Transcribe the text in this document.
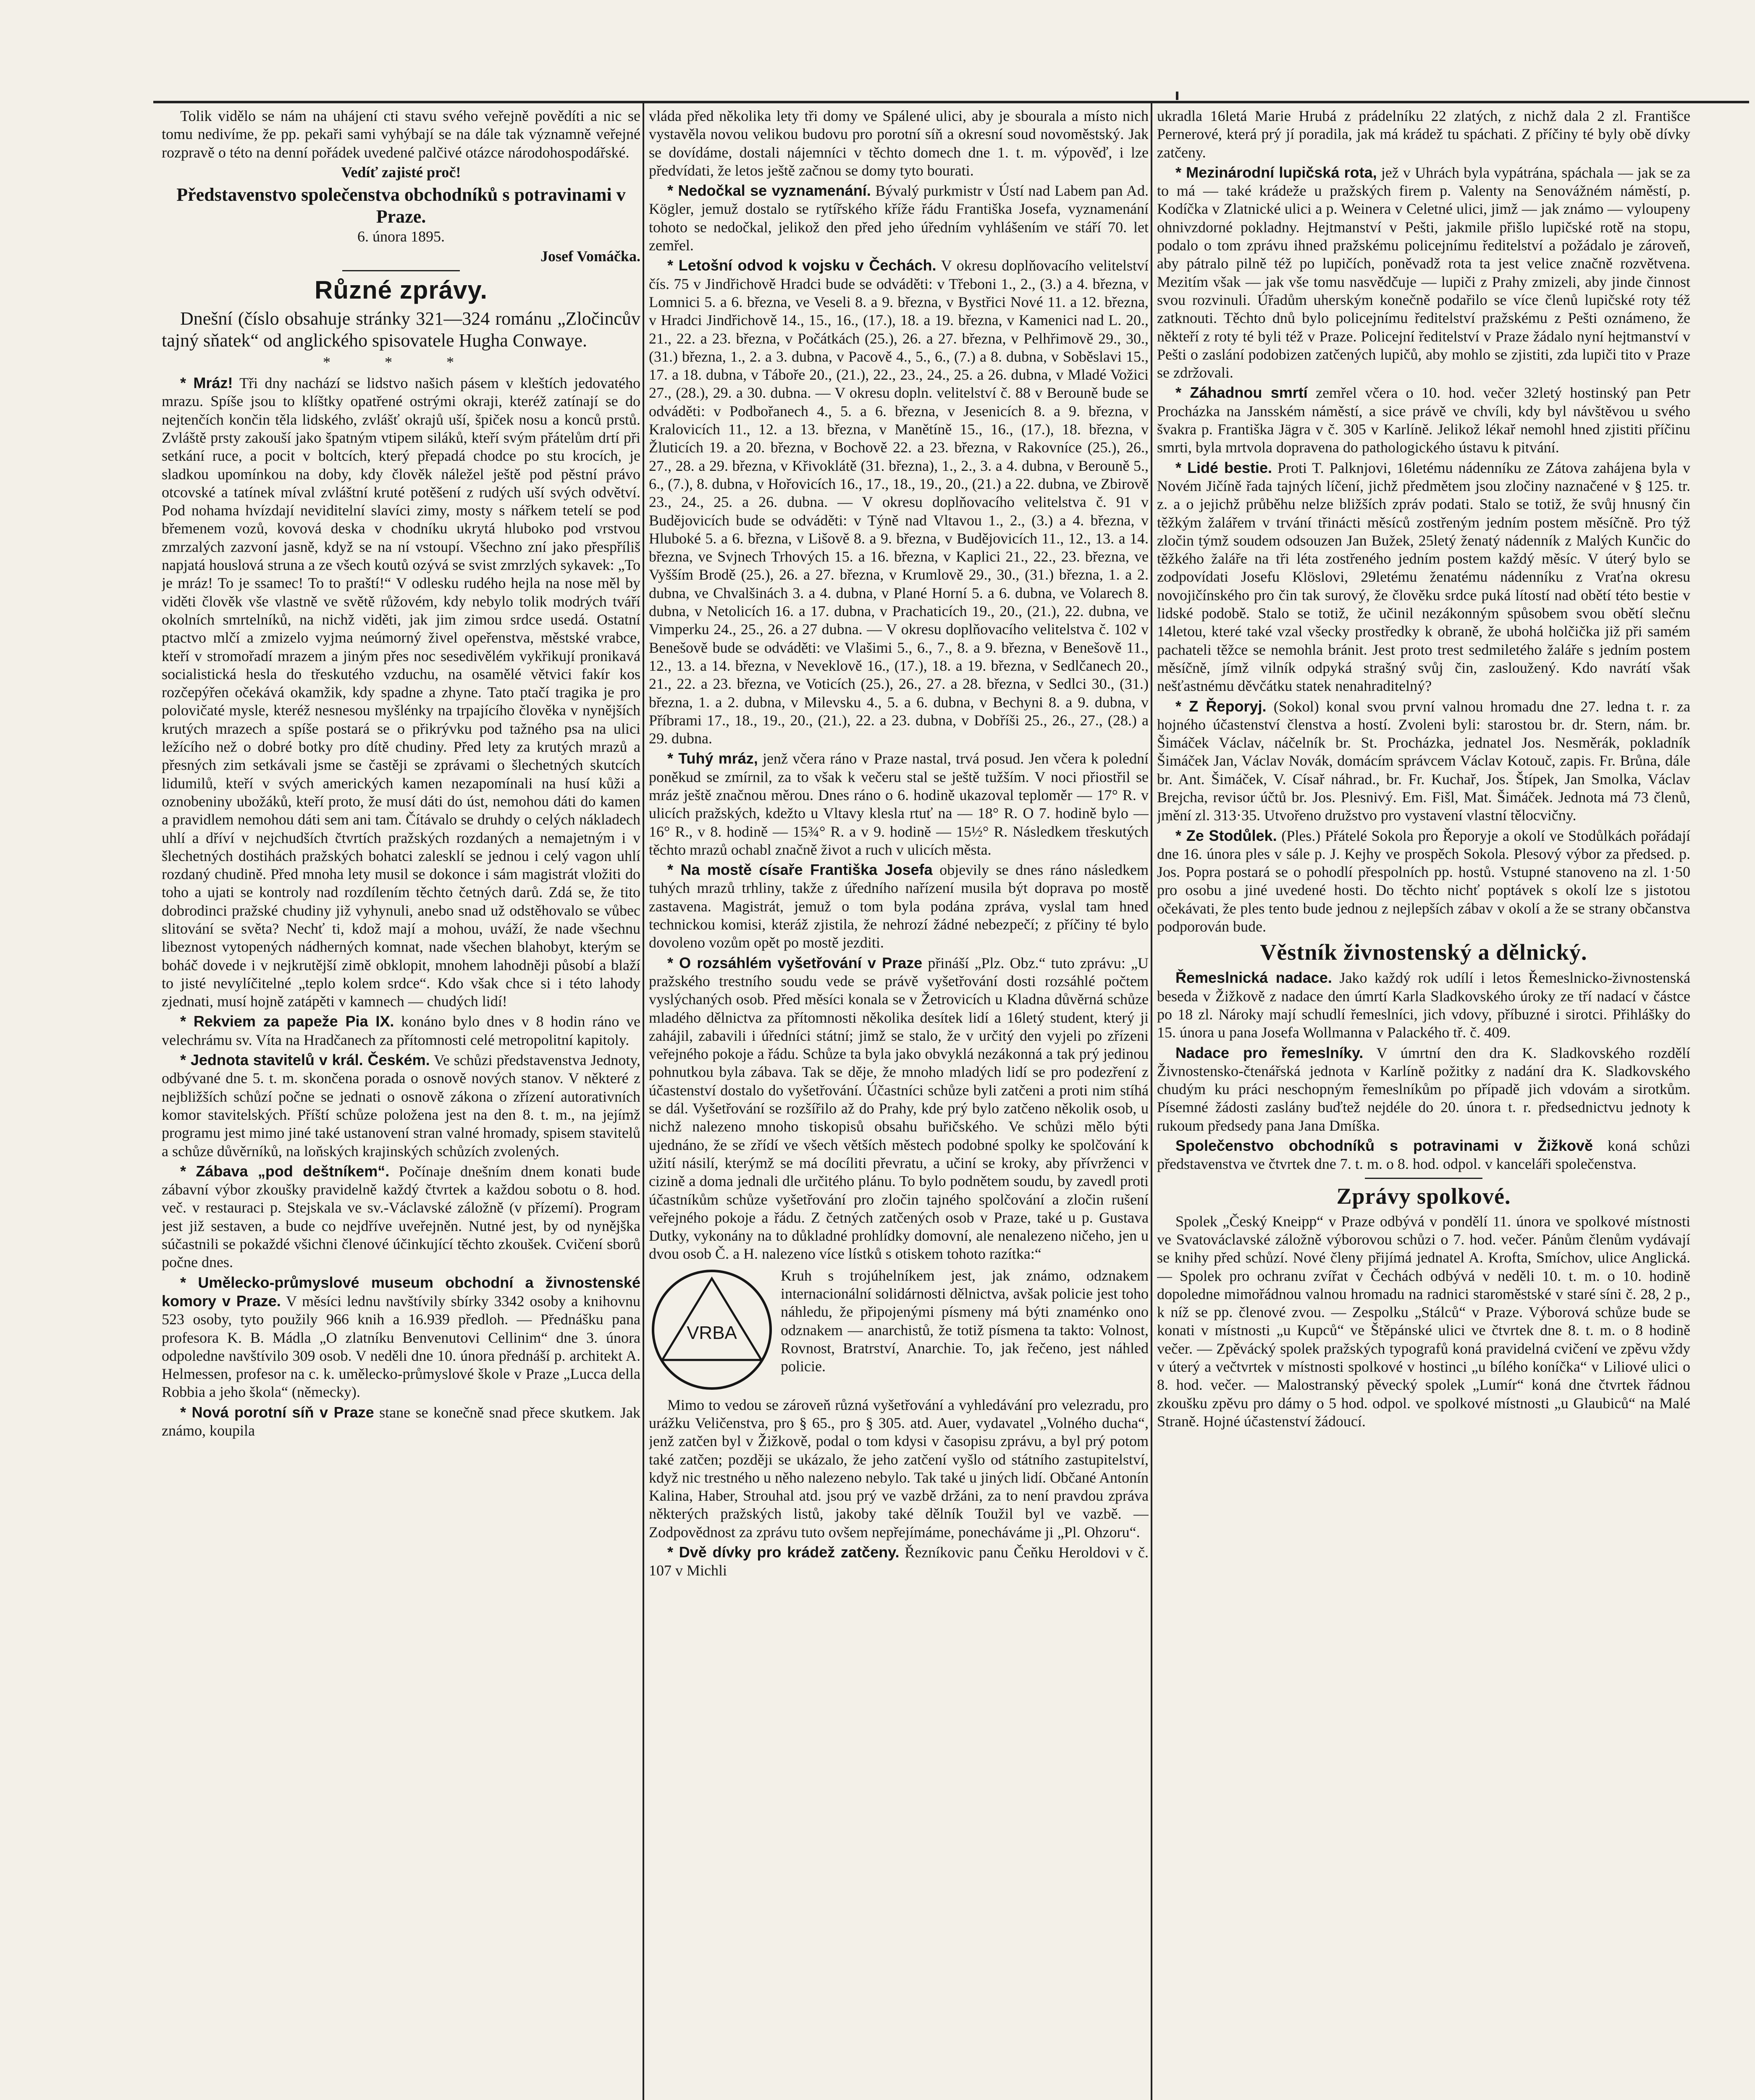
Tolik vidělo se nám na uhájení cti stavu svého veřejně povědíti a nic se tomu nedivíme, že pp. pekaři sami vyhýbají se na dále tak významně veřejné rozpravě o této na denní pořádek uvedené palčivé otázce národohospodářské.

Vedíť zajisté proč!

Představenstvo společenstva obchodníků s potravinami v Praze.

6. února 1895.

Josef Vomáčka.

Různé zprávy.

Dnešní (číslo obsahuje stránky 321—324 románu „Zločincův tajný sňatek“ od anglického spisovatele Hugha Conwaye.

* * *

* Mráz! Tři dny nachází se lidstvo našich pásem v kleštích jedovatého mrazu. Spíše jsou to klíštky opatřené ostrými okraji, kteréž zatínají se do nejtenčích končin těla lidského, zvlášť okrajů uší, špiček nosu a konců prstů. Zvláště prsty zakouší jako špatným vtipem siláků, kteří svým přátelům drtí při setkání ruce, a pocit v boltcích, který přepadá chodce po stu krocích, je sladkou upomínkou na doby, kdy člověk náležel ještě pod pěstní právo otcovské a tatínek míval zvláštní kruté potěšení z rudých uší svých odvětví. Pod nohama hvízdají neviditelní slavíci zimy, mosty s nářkem tetelí se pod břemenem vozů, kovová deska v chodníku ukrytá hluboko pod vrstvou zmrzalých zazvoní jasně, když se na ní vstoupí. Všechno zní jako přespříliš napjatá houslová struna a ze všech koutů ozývá se svist zmrzlých sykavek: „To je mráz! To je ssamec! To to praští!“ V odlesku rudého hejla na nose měl by viděti člověk vše vlastně ve světě růžovém, kdy nebylo tolik modrých tváří okolních smrtelníků, na nichž viděti, jak jim zimou srdce usedá. Ostatní ptactvo mlčí a zmizelo vyjma neúmorný živel opeřenstva, městské vrabce, kteří v stromořadí mrazem a jiným přes noc sesedivělém vykřikují pronikavá socialistická hesla do třeskutého vzduchu, na osamělé větvici fakír kos rozčepýřen očekává okamžik, kdy spadne a zhyne. Tato ptačí tragika je pro polovičaté mysle, kteréž nesnesou myšlénky na trpajícího člověka v nynějších krutých mrazech a spíše postará se o přikrývku pod tažného psa na ulici ležícího než o dobré botky pro dítě chudiny. Před lety za krutých mrazů a přesných zim setkávali jsme se častěji se zprávami o šlechetných skutcích lidumilů, kteří v svých amerických kamen nezapomínali na husí kůži a oznobeniny ubožáků, kteří proto, že musí dáti do úst, nemohou dáti do kamen a pravidlem nemohou dáti sem ani tam. Čítávalo se druhdy o celých nákladech uhlí a dříví v nejchudších čtvrtích pražských rozdaných a nemajetným i v šlechetných dostihách pražských bohatci zalesklí se jednou i celý vagon uhlí rozdaný chudině. Před mnoha lety musil se dokonce i sám magistrát vložiti do toho a ujati se kontroly nad rozdílením těchto četných darů. Zdá se, že tito dobrodinci pražské chudiny již vyhynuli, anebo snad už odstěhovalo se vůbec slitování se světa? Nechť ti, kdož mají a mohou, uváží, že nade všechnu libeznost vytopených nádherných komnat, nade všechen blahobyt, kterým se boháč dovede i v nejkrutější zimě obklopit, mnohem lahodněji působí a blaží to jisté nevylíčitelné „teplo kolem srdce“. Kdo však chce si i této lahody zjednati, musí hojně zatápěti v kamnech — chudých lidí!

* Rekviem za papeže Pia IX. konáno bylo dnes v 8 hodin ráno ve velechrámu sv. Víta na Hradčanech za přítomnosti celé metropolitní kapitoly.

* Jednota stavitelů v král. Českém. Ve schůzi představenstva Jednoty, odbývané dne 5. t. m. skončena porada o osnově nových stanov. V některé z nejbližších schůzí počne se jednati o osnově zákona o zřízení autorativních komor stavitelských. Příští schůze položena jest na den 8. t. m., na jejímž programu jest mimo jiné také ustanovení stran valné hromady, spisem stavitelů a schůze důvěrníků, na loňských krajinských schůzích zvolených.

* Zábava „pod deštníkem“. Počínaje dnešním dnem konati bude zábavní výbor zkoušky pravidelně každý čtvrtek a každou sobotu o 8. hod. več. v restauraci p. Stejskala ve sv.-Václavské záložně (v přízemí). Program jest již sestaven, a bude co nejdříve uveřejněn. Nutné jest, by od nynějška súčastnili se pokaždé všichni členové účinkující těchto zkoušek. Cvičení sborů počne dnes.

* Umělecko-průmyslové museum obchodní a živnostenské komory v Praze. V měsíci lednu navštívily sbírky 3342 osoby a knihovnu 523 osoby, tyto použily 966 knih a 16.939 předloh. — Přednášku pana profesora K. B. Mádla „O zlatníku Benvenutovi Cellinim“ dne 3. února odpoledne navštívilo 309 osob. V neděli dne 10. února přednáší p. architekt A. Helmessen, profesor na c. k. umělecko-průmyslové škole v Praze „Lucca della Robbia a jeho škola“ (německy).

* Nová porotní síň v Praze stane se konečně snad přece skutkem. Jak známo, koupila

vláda před několika lety tři domy ve Spálené ulici, aby je sbourala a místo nich vystavěla novou velikou budovu pro porotní síň a okresní soud novoměstský. Jak se dovídáme, dostali nájemníci v těchto domech dne 1. t. m. výpověď, i lze předvídati, že letos ještě začnou se domy tyto bourati.

* Nedočkal se vyznamenání. Bývalý purkmistr v Ústí nad Labem pan Ad. Kögler, jemuž dostalo se rytířského kříže řádu Františka Josefa, vyznamenání tohoto se nedočkal, jelikož den před jeho úředním vyhlášením ve stáří 70. let zemřel.

* Letošní odvod k vojsku v Čechách. V okresu doplňovacího velitelství čís. 75 v Jindřichově Hradci bude se odváděti: v Třeboni 1., 2., (3.) a 4. března, v Lomnici 5. a 6. března, ve Veseli 8. a 9. března, v Bystřici Nové 11. a 12. března, v Hradci Jindřichově 14., 15., 16., (17.), 18. a 19. března, v Kamenici nad L. 20., 21., 22. a 23. března, v Počátkách (25.), 26. a 27. března, v Pelhřimově 29., 30., (31.) března, 1., 2. a 3. dubna, v Pacově 4., 5., 6., (7.) a 8. dubna, v Soběslavi 15., 17. a 18. dubna, v Táboře 20., (21.), 22., 23., 24., 25. a 26. dubna, v Mladé Vožici 27., (28.), 29. a 30. dubna. — V okresu dopln. velitelství č. 88 v Berouně bude se odváděti: v Podbořanech 4., 5. a 6. března, v Jesenicích 8. a 9. března, v Kralovicích 11., 12. a 13. března, v Manětíně 15., 16., (17.), 18. března, v Žluticích 19. a 20. března, v Bochově 22. a 23. března, v Rakovníce (25.), 26., 27., 28. a 29. března, v Křivoklátě (31. března), 1., 2., 3. a 4. dubna, v Berouně 5., 6., (7.), 8. dubna, v Hořovicích 16., 17., 18., 19., 20., (21.) a 22. dubna, ve Zbirově 23., 24., 25. a 26. dubna. — V okresu doplňovacího velitelstva č. 91 v Budějovicích bude se odváděti: v Týně nad Vltavou 1., 2., (3.) a 4. března, v Hluboké 5. a 6. března, v Lišově 8. a 9. března, v Budějovicích 11., 12., 13. a 14. března, ve Svjnech Trhových 15. a 16. března, v Kaplici 21., 22., 23. března, ve Vyšším Brodě (25.), 26. a 27. března, v Krumlově 29., 30., (31.) března, 1. a 2. dubna, ve Chvalšinách 3. a 4. dubna, v Plané Horní 5. a 6. dubna, ve Volarech 8. dubna, v Netolicích 16. a 17. dubna, v Prachaticích 19., 20., (21.), 22. dubna, ve Vimperku 24., 25., 26. a 27 dubna. — V okresu doplňovacího velitelstva č. 102 v Benešově bude se odváděti: ve Vlašimi 5., 6., 7., 8. a 9. března, v Benešově 11., 12., 13. a 14. března, v Neveklově 16., (17.), 18. a 19. března, v Sedlčanech 20., 21., 22. a 23. března, ve Voticích (25.), 26., 27. a 28. března, v Sedlci 30., (31.) března, 1. a 2. dubna, v Milevsku 4., 5. a 6. dubna, v Bechyni 8. a 9. dubna, v Příbrami 17., 18., 19., 20., (21.), 22. a 23. dubna, v Dobříši 25., 26., 27., (28.) a 29. dubna.

* Tuhý mráz, jenž včera ráno v Praze nastal, trvá posud. Jen včera k polední poněkud se zmírnil, za to však k večeru stal se ještě tužším. V noci přiostřil se mráz ještě značnou měrou. Dnes ráno o 6. hodině ukazoval teploměr — 17° R. v ulicích pražských, kdežto u Vltavy klesla rtuť na — 18° R. O 7. hodině bylo — 16° R., v 8. hodině — 15¾° R. a v 9. hodině — 15½° R. Následkem třeskutých těchto mrazů ochabl značně život a ruch v ulicích města.

* Na mostě císaře Františka Josefa objevily se dnes ráno následkem tuhých mrazů trhliny, takže z úředního nařízení musila být doprava po mostě zastavena. Magistrát, jemuž o tom byla podána zpráva, vyslal tam hned technickou komisi, kteráž zjistila, že nehrozí žádné nebezpečí; z příčiny té bylo dovoleno vozům opět po mostě jezditi.

* O rozsáhlém vyšetřování v Praze přináší „Plz. Obz.“ tuto zprávu: „U pražského trestního soudu vede se právě vyšetřování dosti rozsáhlé počtem vyslýchaných osob. Před měsíci konala se v Žetrovicích u Kladna důvěrná schůze mladého dělnictva za přítomnosti několika desítek lidí a 16letý student, který ji zahájil, zabavili i úředníci státní; jimž se stalo, že v určitý den vyjeli po zřízeni veřejného pokoje a řádu. Schůze ta byla jako obvyklá nezákonná a tak prý jedinou pohnutkou byla zábava. Tak se děje, že mnoho mladých lidí se pro podezření z účastenství dostalo do vyšetřování. Účastníci schůze byli zatčeni a proti nim stíhá se dál. Vyšetřování se rozšířilo až do Prahy, kde prý bylo zatčeno několik osob, u nichž nalezeno mnoho tiskopisů obsahu buřičského. Ve schůzi mělo býti ujednáno, že se zřídí ve všech větších městech podobné spolky ke spolčování k užití násilí, kterýmž se má docíliti převratu, a učiní se kroky, aby přívrženci v cizině a doma jednali dle určitého plánu. To bylo podnětem soudu, by zavedl proti účastníkům schůze vyšetřování pro zločin tajného spolčování a zločin rušení veřejného pokoje a řádu. Z četných zatčených osob v Praze, také u p. Gustava Dutky, vykonány na to důkladné prohlídky domovní, ale nenalezeno ničeho, jen u dvou osob Č. a H. nalezeno více lístků s otiskem tohoto razítka:“

VRBA

Kruh s trojúhelníkem jest, jak známo, odznakem internacionální solidárnosti dělnictva, avšak policie jest toho náhledu, že připojenými písmeny má býti znaménko ono odznakem — anarchistů, že totiž písmena ta takto: Volnost, Rovnost, Bratrství, Anarchie. To, jak řečeno, jest náhled policie.

Mimo to vedou se zároveň různá vyšetřování a vyhledávání pro velezradu, pro urážku Veličenstva, pro § 65., pro § 305. atd. Auer, vydavatel „Volného ducha“, jenž zatčen byl v Žižkově, podal o tom kdysi v časopisu zprávu, a byl prý potom také zatčen; později se ukázalo, že jeho zatčení vyšlo od státního zastupitelství, když nic trestného u něho nalezeno nebylo. Tak také u jiných lidí. Občané Antonín Kalina, Haber, Strouhal atd. jsou prý ve vazbě držáni, za to není pravdou zpráva některých pražských listů, jakoby také dělník Toužil byl ve vazbě. — Zodpovědnost za zprávu tuto ovšem nepřejímáme, ponecháváme ji „Pl. Ohzoru“.

* Dvě dívky pro krádež zatčeny. Řezníkovic panu Čeňku Heroldovi v č. 107 v Michli

ukradla 16letá Marie Hrubá z prádelníku 22 zlatých, z nichž dala 2 zl. Františce Pernerové, která prý jí poradila, jak má krádež tu spáchati. Z příčiny té byly obě dívky zatčeny.

* Mezinárodní lupičská rota, jež v Uhrách byla vypátrána, spáchala — jak se za to má — také krádeže u pražských firem p. Valenty na Senovážném náměstí, p. Kodíčka v Zlatnické ulici a p. Weinera v Celetné ulici, jimž — jak známo — vyloupeny ohnivzdorné pokladny. Hejtmanství v Pešti, jakmile přišlo lupičské rotě na stopu, podalo o tom zprávu ihned pražskému policejnímu ředitelství a požádalo je zároveň, aby pátralo pilně též po lupičích, poněvadž rota ta jest velice značně rozvětvena. Mezitím však — jak vše tomu nasvědčuje — lupiči z Prahy zmizeli, aby jinde činnost svou rozvinuli. Úřadům uherským konečně podařilo se více členů lupičské roty též zatknouti. Těchto dnů bylo policejnímu ředitelství pražskému z Pešti oznámeno, že někteří z roty té byli též v Praze. Policejní ředitelství v Praze žádalo nyní hejtmanství v Pešti o zaslání podobizen zatčených lupičů, aby mohlo se zjistiti, zda lupiči tito v Praze se zdržovali.

* Záhadnou smrtí zemřel včera o 10. hod. večer 32letý hostinský pan Petr Procházka na Jansském náměstí, a sice právě ve chvíli, kdy byl návštěvou u svého švakra p. Františka Jägra v č. 305 v Karlíně. Jelikož lékař nemohl hned zjistiti příčinu smrti, byla mrtvola dopravena do pathologického ústavu k pitvání.

* Lidé bestie. Proti T. Palknjovi, 16letému nádenníku ze Zátova zahájena byla v Novém Jičíně řada tajných líčení, jichž předmětem jsou zločiny naznačené v § 125. tr. z. a o jejichž průběhu nelze bližších zpráv podati. Stalo se totiž, že svůj hnusný čin těžkým žalářem v trvání třinácti měsíců zostřeným jedním postem měsíčně. Pro týž zločin týmž soudem odsouzen Jan Bužek, 25letý ženatý nádenník z Malých Kunčic do těžkého žaláře na tři léta zostřeného jedním postem každý měsíc. V úterý bylo se zodpovídati Josefu Klöslovi, 29letému ženatému nádenníku z Vraťna okresu novojičínského pro čin tak surový, že člověku srdce puká lítostí nad obětí této bestie v lidské podobě. Stalo se totiž, že učinil nezákonným spůsobem svou obětí slečnu 14letou, které také vzal všecky prostředky k obraně, že ubohá holčička již při samém pachateli těžce se nemohla bránit. Jest proto trest sedmiletého žaláře s jedním postem měsíčně, jímž vilník odpyká strašný svůj čin, zasloužený. Kdo navrátí však nešťastnému děvčátku statek nenahraditelný?

* Z Řeporyj. (Sokol) konal svou první valnou hromadu dne 27. ledna t. r. za hojného účastenství členstva a hostí. Zvoleni byli: starostou br. dr. Stern, nám. br. Šimáček Václav, náčelník br. St. Procházka, jednatel Jos. Nesměrák, pokladník Šimáček Jan, Václav Novák, domácím správcem Václav Kotouč, zapis. Fr. Brůna, dále br. Ant. Šimáček, V. Císař náhrad., br. Fr. Kuchař, Jos. Štípek, Jan Smolka, Václav Brejcha, revisor účtů br. Jos. Plesnivý. Em. Fišl, Mat. Šimáček. Jednota má 73 členů, jmění zl. 313·35. Utvořeno družstvo pro vystavení vlastní tělocvičny.

* Ze Stodůlek. (Ples.) Přátelé Sokola pro Řeporyje a okolí ve Stodůlkách pořádají dne 16. února ples v sále p. J. Kejhy ve prospěch Sokola. Plesový výbor za předsed. p. Jos. Popra postará se o pohodlí přespolních pp. hostů. Vstupné stanoveno na zl. 1·50 pro osobu a jiné uvedené hosti. Do těchto nichť poptávek s okolí lze s jistotou očekávati, že ples tento bude jednou z nejlepších zábav v okolí a že se strany občanstva podporován bude.

Věstník živnostenský a dělnický.

Řemeslnická nadace. Jako každý rok udílí i letos Řemeslnicko-živnostenská beseda v Žižkově z nadace den úmrtí Karla Sladkovského úroky ze tří nadací v částce po 18 zl. Nároky mají schudlí řemeslníci, jich vdovy, příbuzné i sirotci. Přihlášky do 15. února u pana Josefa Wollmanna v Palackého tř. č. 409.

Nadace pro řemeslníky. V úmrtní den dra K. Sladkovského rozdělí Živnostensko-čtenářská jednota v Karlíně požitky z nadání dra K. Sladkovského chudým ku práci neschopným řemeslníkům po případě jich vdovám a sirotkům. Písemné žádosti zaslány buďtež nejdéle do 20. února t. r. předsednictvu jednoty k rukoum předsedy pana Jana Dmíška.

Společenstvo obchodníků s potravinami v Žižkově koná schůzi představenstva ve čtvrtek dne 7. t. m. o 8. hod. odpol. v kanceláři společenstva.

Zprávy spolkové.

Spolek „Český Kneipp“ v Praze odbývá v pondělí 11. února ve spolkové místnosti ve Svatováclavské záložně výborovou schůzi o 7. hod. večer. Pánům členům vydávají se knihy před schůzí. Nové členy přijímá jednatel A. Krofta, Smíchov, ulice Anglická. — Spolek pro ochranu zvířat v Čechách odbývá v neděli 10. t. m. o 10. hodině dopoledne mimořádnou valnou hromadu na radnici staroměstské v staré síni č. 28, 2 p., k níž se pp. členové zvou. — Zespolku „Stálců“ v Praze. Výborová schůze bude se konati v místnosti „u Kupců“ ve Štěpánské ulici ve čtvrtek dne 8. t. m. o 8 hodině večer. — Zpěvácký spolek pražských typografů koná pravidelná cvičení ve zpěvu vždy v úterý a večtvrtek v místnosti spolkové v hostinci „u bílého koníčka“ v Liliové ulici o 8. hod. večer. — Malostranský pěvecký spolek „Lumír“ koná dne čtvrtek řádnou zkoušku zpěvu pro dámy o 5 hod. odpol. ve spolkové místnosti „u Glaubiců“ na Malé Straně. Hojné účastenství žádoucí.
